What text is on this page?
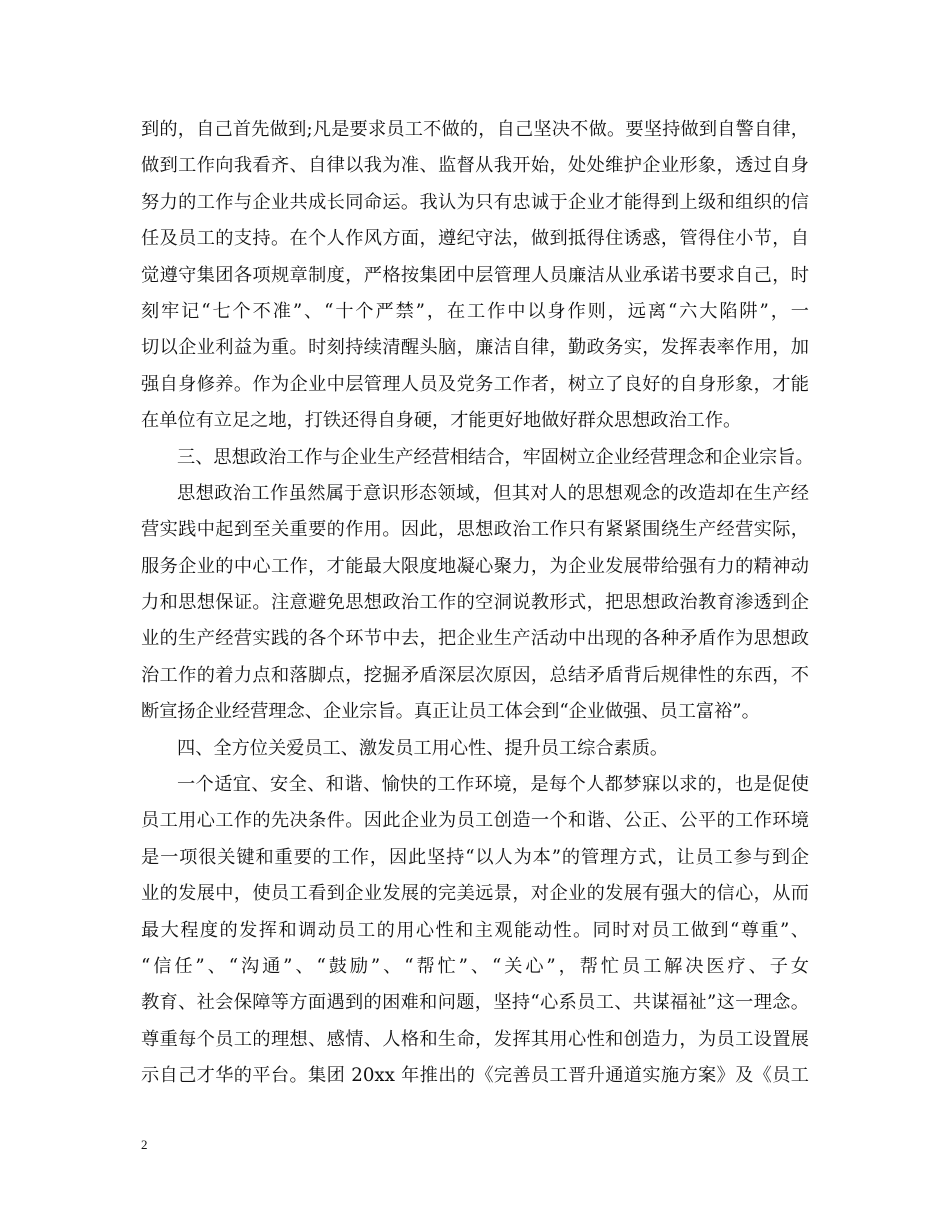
到的，自己首先做到;凡是要求员工不做的，自己坚决不做。要坚持做到自警自律，
做到工作向我看齐、自律以我为准、监督从我开始，处处维护企业形象，透过自身
努力的工作与企业共成长同命运。我认为只有忠诚于企业才能得到上级和组织的信
任及员工的支持。在个人作风方面，遵纪守法，做到抵得住诱惑，管得住小节，自
觉遵守集团各项规章制度，严格按集团中层管理人员廉洁从业承诺书要求自己，时
刻牢记“七个不准”、“十个严禁”，在工作中以身作则，远离“六大陷阱”，一
切以企业利益为重。时刻持续清醒头脑，廉洁自律，勤政务实，发挥表率作用，加
强自身修养。作为企业中层管理人员及党务工作者，树立了良好的自身形象，才能
在单位有立足之地，打铁还得自身硬，才能更好地做好群众思想政治工作。
三、思想政治工作与企业生产经营相结合，牢固树立企业经营理念和企业宗旨。
思想政治工作虽然属于意识形态领域，但其对人的思想观念的改造却在生产经
营实践中起到至关重要的作用。因此，思想政治工作只有紧紧围绕生产经营实际，
服务企业的中心工作，才能最大限度地凝心聚力，为企业发展带给强有力的精神动
力和思想保证。注意避免思想政治工作的空洞说教形式，把思想政治教育渗透到企
业的生产经营实践的各个环节中去，把企业生产活动中出现的各种矛盾作为思想政
治工作的着力点和落脚点，挖掘矛盾深层次原因，总结矛盾背后规律性的东西，不
断宣扬企业经营理念、企业宗旨。真正让员工体会到“企业做强、员工富裕”。
四、全方位关爱员工、激发员工用心性、提升员工综合素质。
一个适宜、安全、和谐、愉快的工作环境，是每个人都梦寐以求的，也是促使
员工用心工作的先决条件。因此企业为员工创造一个和谐、公正、公平的工作环境
是一项很关键和重要的工作，因此坚持“以人为本”的管理方式，让员工参与到企
业的发展中，使员工看到企业发展的完美远景，对企业的发展有强大的信心，从而
最大程度的发挥和调动员工的用心性和主观能动性。同时对员工做到“尊重”、
“信任”、“沟通”、“鼓励”、“帮忙”、“关心”，帮忙员工解决医疗、子女
教育、社会保障等方面遇到的困难和问题，坚持“心系员工、共谋福祉”这一理念。
尊重每个员工的理想、感情、人格和生命，发挥其用心性和创造力，为员工设置展
示自己才华的平台。集团 20xx 年推出的《完善员工晋升通道实施方案》及《员工
2
